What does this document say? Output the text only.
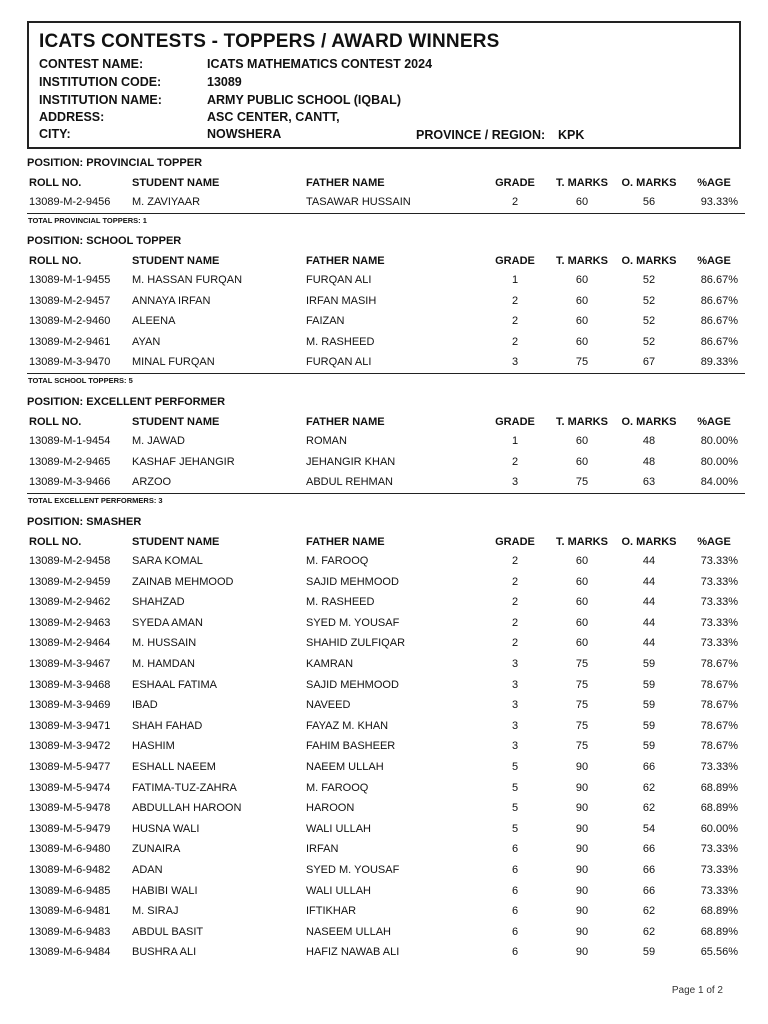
ICATS CONTESTS - TOPPERS / AWARD WINNERS
CONTEST NAME:	ICATS MATHEMATICS CONTEST 2024
INSTITUTION CODE:	13089
INSTITUTION NAME:	ARMY PUBLIC SCHOOL (IQBAL)
ADDRESS:	ASC CENTER, CANTT,
CITY:	NOWSHERA	PROVINCE / REGION: KPK
POSITION: PROVINCIAL TOPPER
ROLL NO.	STUDENT NAME	FATHER NAME	GRADE	T. MARKS O. MARKS	%AGE
13089-M-2-9456 M. ZAVIYAAR	TASAWAR HUSSAIN	2	60	56	93.33%
TOTAL PROVINCIAL TOPPERS: 1
POSITION: SCHOOL TOPPER
ROLL NO.	STUDENT NAME	FATHER NAME	GRADE	T. MARKS O. MARKS	%AGE
13089-M-1-9455 M. HASSAN FURQAN	FURQAN ALI	1	60	52	86.67%
13089-M-2-9457 ANNAYA IRFAN	IRFAN MASIH	2	60	52	86.67%
13089-M-2-9460 ALEENA	FAIZAN	2	60	52	86.67%
13089-M-2-9461 AYAN	M. RASHEED	2	60	52	86.67%
13089-M-3-9470 MINAL FURQAN	FURQAN ALI	3	75	67	89.33%
TOTAL SCHOOL TOPPERS: 5
POSITION: EXCELLENT PERFORMER
ROLL NO.	STUDENT NAME	FATHER NAME	GRADE	T. MARKS O. MARKS	%AGE
13089-M-1-9454 M. JAWAD	ROMAN	1	60	48	80.00%
13089-M-2-9465 KASHAF JEHANGIR	JEHANGIR KHAN	2	60	48	80.00%
13089-M-3-9466 ARZOO	ABDUL REHMAN	3	75	63	84.00%
TOTAL EXCELLENT PERFORMERS: 3
POSITION: SMASHER
ROLL NO.	STUDENT NAME	FATHER NAME	GRADE	T. MARKS O. MARKS	%AGE
13089-M-2-9458 SARA KOMAL	M. FAROOQ	2	60	44	73.33%
13089-M-2-9459 ZAINAB MEHMOOD	SAJID MEHMOOD	2	60	44	73.33%
13089-M-2-9462 SHAHZAD	M. RASHEED	2	60	44	73.33%
13089-M-2-9463 SYEDA AMAN	SYED M. YOUSAF	2	60	44	73.33%
13089-M-2-9464 M. HUSSAIN	SHAHID ZULFIQAR	2	60	44	73.33%
13089-M-3-9467 M. HAMDAN	KAMRAN	3	75	59	78.67%
13089-M-3-9468 ESHAAL FATIMA	SAJID MEHMOOD	3	75	59	78.67%
13089-M-3-9469 IBAD	NAVEED	3	75	59	78.67%
13089-M-3-9471 SHAH FAHAD	FAYAZ M. KHAN	3	75	59	78.67%
13089-M-3-9472 HASHIM	FAHIM BASHEER	3	75	59	78.67%
13089-M-5-9477 ESHALL NAEEM	NAEEM ULLAH	5	90	66	73.33%
13089-M-5-9474 FATIMA-TUZ-ZAHRA	M. FAROOQ	5	90	62	68.89%
13089-M-5-9478 ABDULLAH HAROON	HAROON	5	90	62	68.89%
13089-M-5-9479 HUSNA WALI	WALI ULLAH	5	90	54	60.00%
13089-M-6-9480 ZUNAIRA	IRFAN	6	90	66	73.33%
13089-M-6-9482 ADAN	SYED M. YOUSAF	6	90	66	73.33%
13089-M-6-9485 HABIBI WALI	WALI ULLAH	6	90	66	73.33%
13089-M-6-9481 M. SIRAJ	IFTIKHAR	6	90	62	68.89%
13089-M-6-9483 ABDUL BASIT	NASEEM ULLAH	6	90	62	68.89%
13089-M-6-9484 BUSHRA ALI	HAFIZ NAWAB ALI	6	90	59	65.56%
Page 1 of 2
